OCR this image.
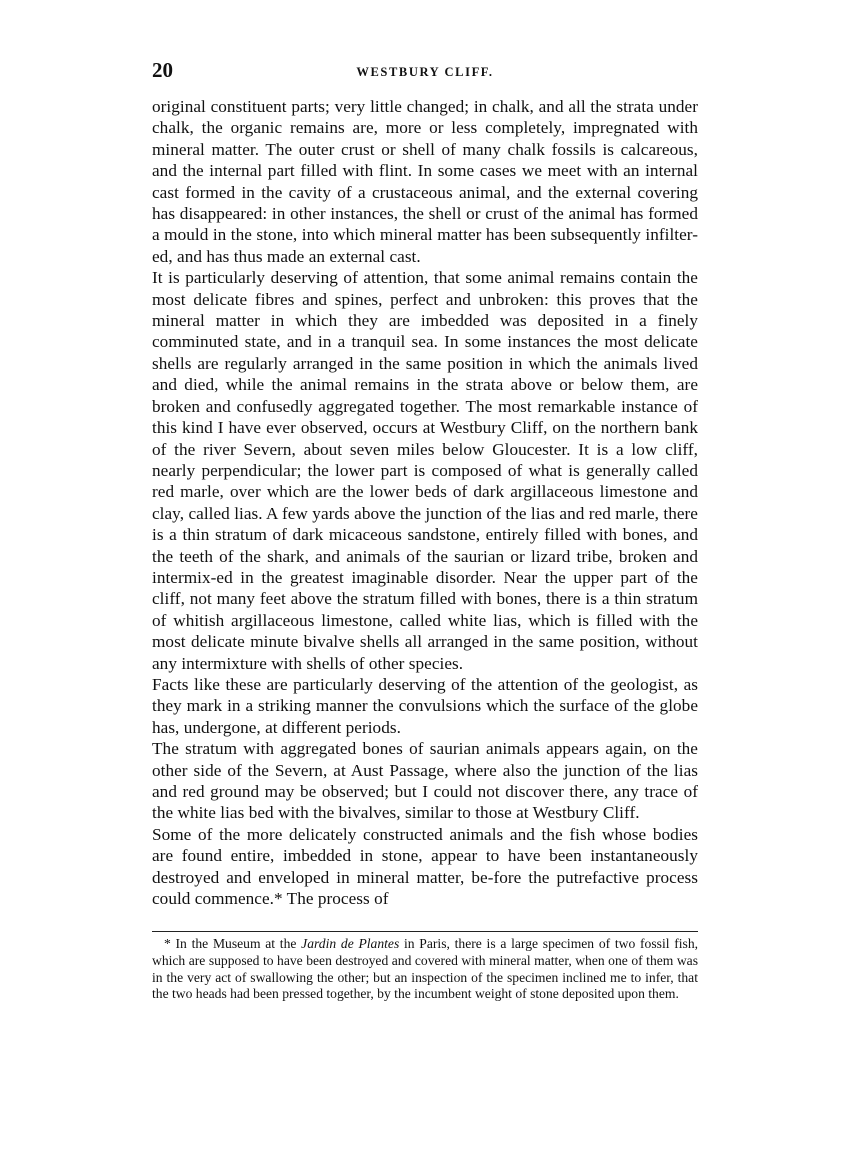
20	WESTBURY CLIFF.

original constituent parts; very little changed; in chalk, and all the strata under chalk, the organic remains are, more or less completely, impregnated with mineral matter. The outer crust or shell of many chalk fossils is calcareous, and the internal part filled with flint. In some cases we meet with an internal cast formed in the cavity of a crustaceous animal, and the external covering has disappeared: in other instances, the shell or crust of the animal has formed a mould in the stone, into which mineral matter has been subsequently infilter-ed, and has thus made an external cast.

It is particularly deserving of attention, that some animal remains contain the most delicate fibres and spines, perfect and unbroken: this proves that the mineral matter in which they are imbedded was deposited in a finely comminuted state, and in a tranquil sea. In some instances the most delicate shells are regularly arranged in the same position in which the animals lived and died, while the animal remains in the strata above or below them, are broken and confusedly aggregated together. The most remarkable instance of this kind I have ever observed, occurs at Westbury Cliff, on the northern bank of the river Severn, about seven miles below Gloucester. It is a low cliff, nearly perpendicular; the lower part is composed of what is generally called red marle, over which are the lower beds of dark argillaceous limestone and clay, called lias. A few yards above the junction of the lias and red marle, there is a thin stratum of dark micaceous sandstone, entirely filled with bones, and the teeth of the shark, and animals of the saurian or lizard tribe, broken and intermix-ed in the greatest imaginable disorder. Near the upper part of the cliff, not many feet above the stratum filled with bones, there is a thin stratum of whitish argillaceous limestone, called white lias, which is filled with the most delicate minute bivalve shells all arranged in the same position, without any intermixture with shells of other species.

Facts like these are particularly deserving of the attention of the geologist, as they mark in a striking manner the convulsions which the surface of the globe has, undergone, at different periods.

The stratum with aggregated bones of saurian animals appears again, on the other side of the Severn, at Aust Passage, where also the junction of the lias and red ground may be observed; but I could not discover there, any trace of the white lias bed with the bivalves, similar to those at Westbury Cliff.

Some of the more delicately constructed animals and the fish whose bodies are found entire, imbedded in stone, appear to have been instantaneously destroyed and enveloped in mineral matter, be-fore the putrefactive process could commence.* The process of

* In the Museum at the Jardin de Plantes in Paris, there is a large specimen of two fossil fish, which are supposed to have been destroyed and covered with mineral matter, when one of them was in the very act of swallowing the other; but an inspection of the specimen inclined me to infer, that the two heads had been pressed together, by the incumbent weight of stone deposited upon them.
